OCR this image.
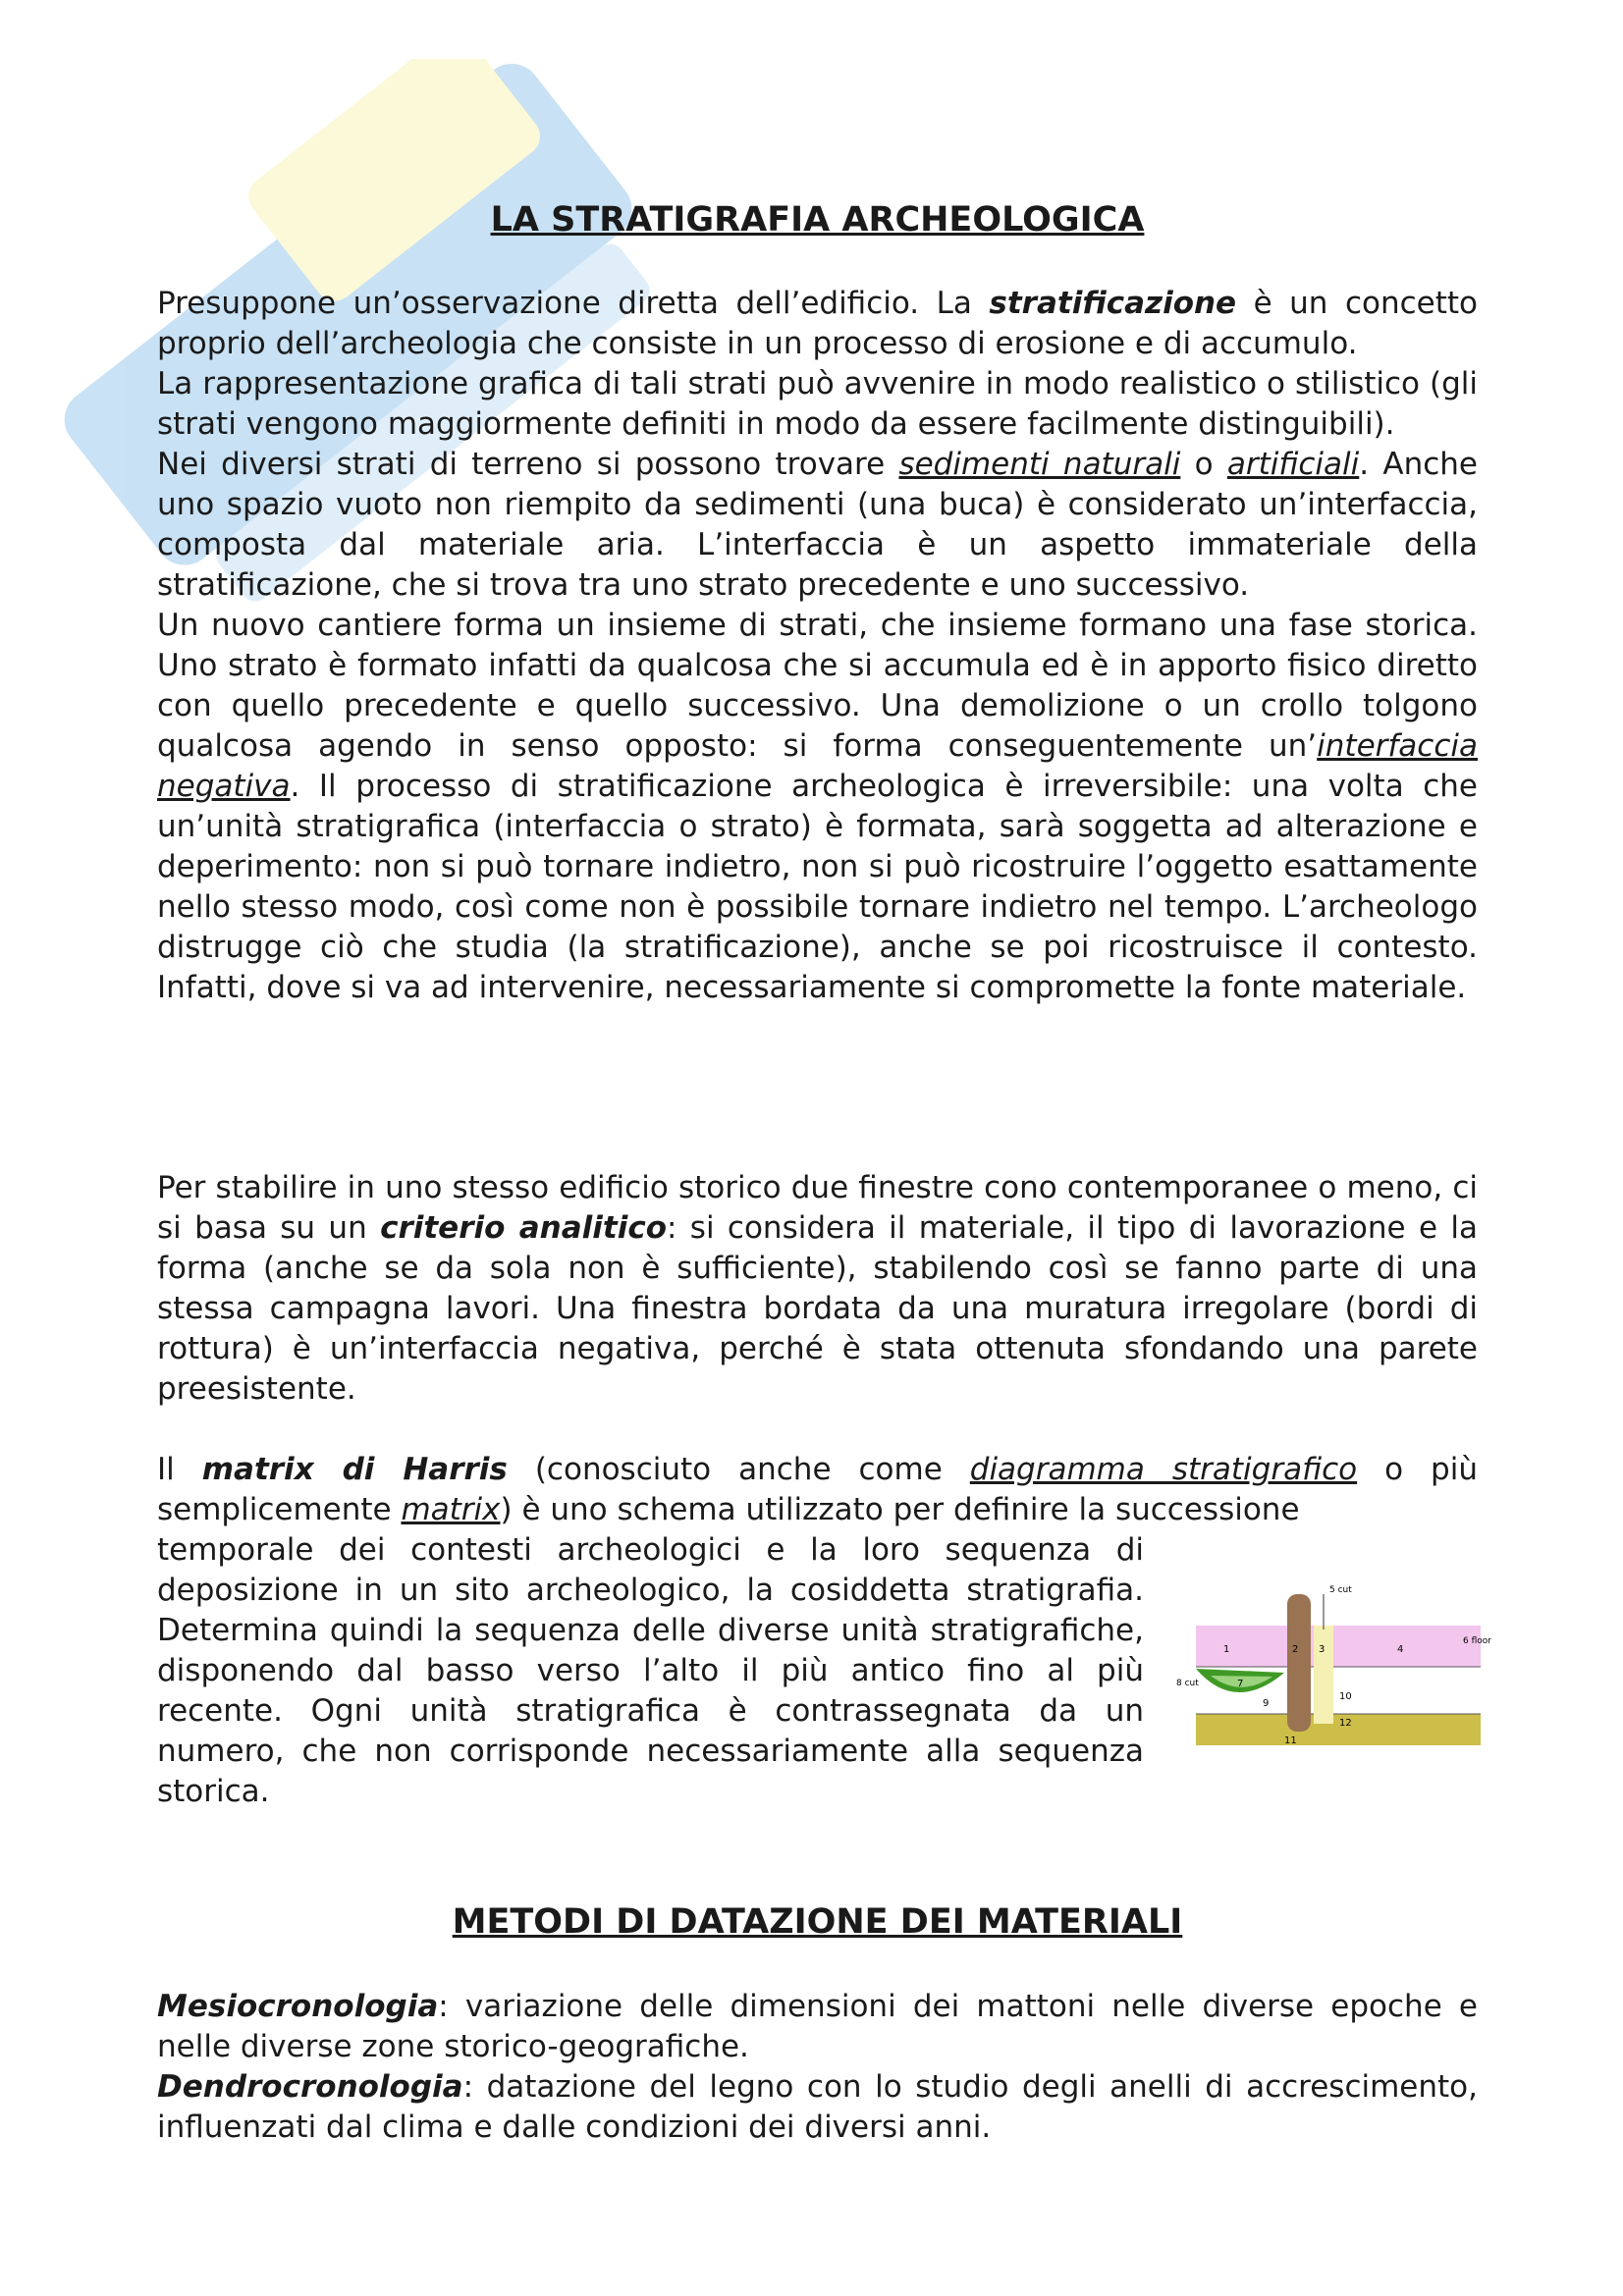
LA STRATIGRAFIA ARCHEOLOGICA

Presuppone un’osservazione diretta dell’edificio. La stratificazione è un concetto proprio dell’archeologia che consiste in un processo di erosione e di accumulo.

La rappresentazione grafica di tali strati può avvenire in modo realistico o stilistico (gli strati vengono maggiormente definiti in modo da essere facilmente distinguibili).

Nei diversi strati di terreno si possono trovare sedimenti naturali o artificiali. Anche uno spazio vuoto non riempito da sedimenti (una buca) è considerato un’interfaccia, composta dal materiale aria. L’interfaccia è un aspetto immateriale della stratificazione, che si trova tra uno strato precedente e uno successivo.

Un nuovo cantiere forma un insieme di strati, che insieme formano una fase storica. Uno strato è formato infatti da qualcosa che si accumula ed è in apporto fisico diretto con quello precedente e quello successivo. Una demolizione o un crollo tolgono qualcosa agendo in senso opposto: si forma conseguentemente un’interfaccia negativa. Il processo di stratificazione archeologica è irreversibile: una volta che un’unità stratigrafica (interfaccia o strato) è formata, sarà soggetta ad alterazione e deperimento: non si può tornare indietro, non si può ricostruire l’oggetto esattamente nello stesso modo, così come non è possibile tornare indietro nel tempo. L’archeologo distrugge ciò che studia (la stratificazione), anche se poi ricostruisce il contesto. Infatti, dove si va ad intervenire, necessariamente si compromette la fonte materiale.

Per stabilire in uno stesso edificio storico due finestre cono contemporanee o meno, ci si basa su un criterio analitico: si considera il materiale, il tipo di lavorazione e la forma (anche se da sola non è sufficiente), stabilendo così se fanno parte di una stessa campagna lavori. Una finestra bordata da una muratura irregolare (bordi di rottura) è un’interfaccia negativa, perché è stata ottenuta sfondando una parete preesistente.

Il matrix di Harris (conosciuto anche come diagramma stratigrafico o più semplicemente matrix) è uno schema utilizzato per definire la successione

temporale dei contesti archeologici e la loro sequenza di deposizione in un sito archeologico, la cosiddetta stratigrafia. Determina quindi la sequenza delle diverse unità stratigrafiche, disponendo dal basso verso l’alto il più antico fino al più recente. Ogni unità stratigrafica è contrassegnata da un numero, che non corrisponde necessariamente alla sequenza storica.

METODI DI DATAZIONE DEI MATERIALI

Mesiocronologia: variazione delle dimensioni dei mattoni nelle diverse epoche e nelle diverse zone storico-geografiche.

Dendrocronologia: datazione del legno con lo studio degli anelli di accrescimento, influenzati dal clima e dalle condizioni dei diversi anni.

1	2 3	4
7
9
10
11
12
5 cut
6 floor
8 cut
